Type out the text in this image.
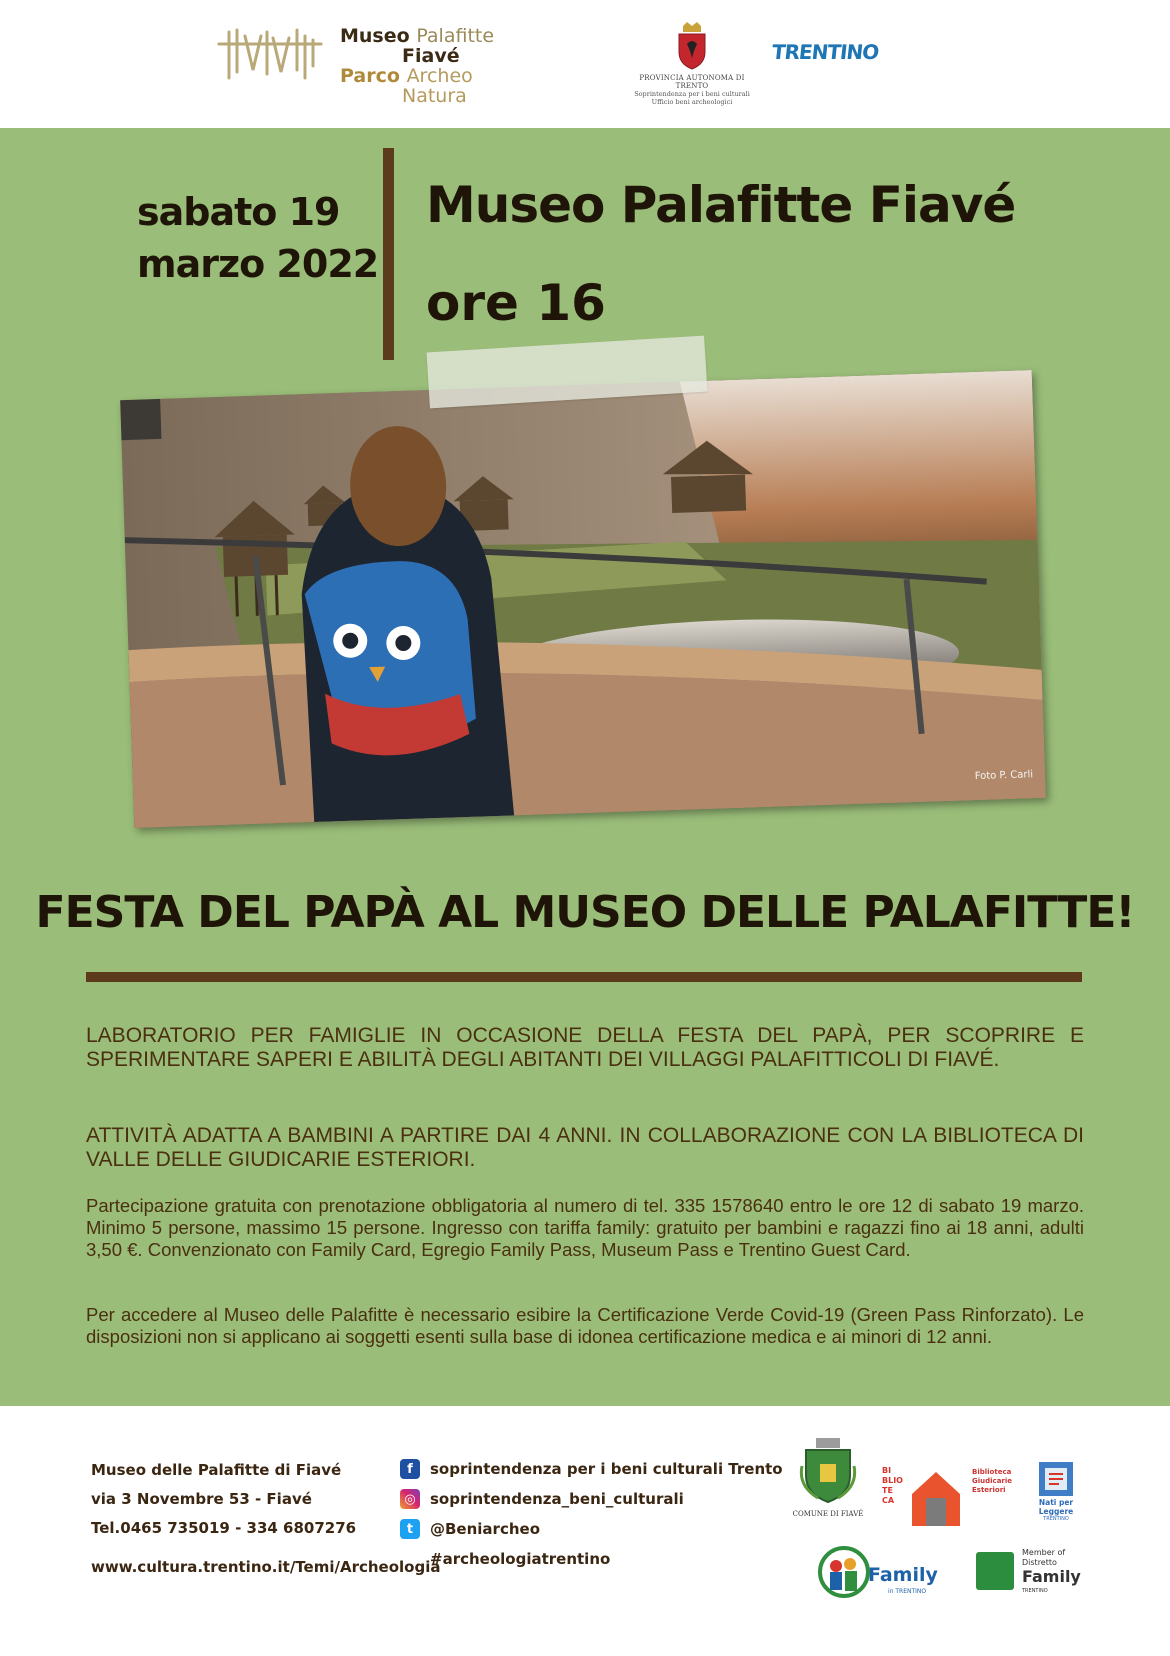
Museo Palafitte
Fiavé
Parco Archeo
Natura
PROVINCIA AUTONOMA DI TRENTO
Soprintendenza per i beni culturali
Ufficio beni archeologici
TRENTINO
sabato 19
marzo 2022
Museo Palafitte Fiavé
ore 16
Foto P. Carli
FESTA DEL PAPÀ AL MUSEO DELLE PALAFITTE!

LABORATORIO PER FAMIGLIE IN OCCASIONE DELLA FESTA DEL PAPÀ, PER SCOPRIRE E SPERIMENTARE SAPERI E ABILITÀ DEGLI ABITANTI DEI VILLAGGI PALAFITTICOLI DI FIAVÉ.

ATTIVITÀ ADATTA A BAMBINI A PARTIRE DAI 4 ANNI. IN COLLABORAZIONE CON LA BIBLIOTECA DI VALLE DELLE GIUDICARIE ESTERIORI.

Partecipazione gratuita con prenotazione obbligatoria al numero di tel. 335 1578640 entro le ore 12 di sabato 19 marzo. Minimo 5 persone, massimo 15 persone. Ingresso con tariffa family: gratuito per bambini e ragazzi fino ai 18 anni, adulti 3,50 €. Convenzionato con Family Card, Egregio Family Pass, Museum Pass e Trentino Guest Card.

Per accedere al Museo delle Palafitte è necessario esibire la Certificazione Verde Covid-19 (Green Pass Rinforzato). Le disposizioni non si applicano ai soggetti esenti sulla base di idonea certificazione medica e ai minori di 12 anni.

Museo delle Palafitte di Fiavé
via 3 Novembre 53 - Fiavé
Tel.0465 735019 - 334 6807276
www.cultura.trentino.it/Temi/Archeologia
f	soprintendenza per i beni culturali Trento
◎ soprintendenza_beni_culturali
t	@Beniarcheo
#archeologiatrentino
COMUNE DI FIAVÉ
BI
BLIO
TE
CA
Biblioteca Giudicarie Esteriori
Nati per Leggere
TRENTINO
Family
in TRENTINO
Member of Distretto
Family
TRENTINO
